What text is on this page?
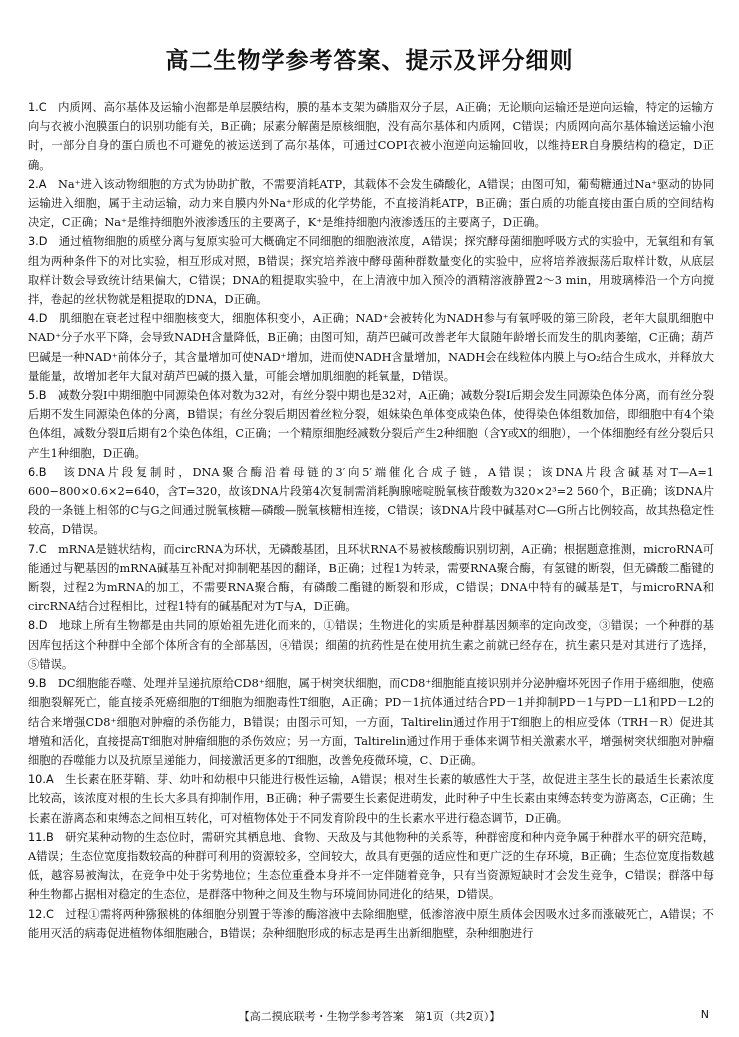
高二生物学参考答案、提示及评分细则

1.C　 内质网、高尔基体及运输小泡都是单层膜结构，膜的基本支架为磷脂双分子层，A正确；无论顺向运输还是逆向运输，特定的运输方向与衣被小泡膜蛋白的识别功能有关，B正确；尿素分解菌是原核细胞，没有高尔基体和内质网，C错误；内质网向高尔基体输送运输小泡时，一部分自身的蛋白质也不可避免的被运送到了高尔基体，可通过COPI衣被小泡逆向运输回收，以维持ER自身膜结构的稳定，D正确。

2.A　 Na⁺进入该动物细胞的方式为协助扩散，不需要消耗ATP，其载体不会发生磷酸化，A错误；由图可知，葡萄糖通过Na⁺驱动的协同运输进入细胞，属于主动运输，动力来自膜内外Na⁺形成的化学势能，不直接消耗ATP，B正确；蛋白质的功能直接由蛋白质的空间结构决定，C正确；Na⁺是维持细胞外液渗透压的主要离子，K⁺是维持细胞内液渗透压的主要离子，D正确。

3.D　 通过植物细胞的质壁分离与复原实验可大概确定不同细胞的细胞液浓度，A错误；探究酵母菌细胞呼吸方式的实验中，无氧组和有氧组为两种条件下的对比实验，相互形成对照，B错误；探究培养液中酵母菌种群数量变化的实验中，应将培养液振荡后取样计数，从底层取样计数会导致统计结果偏大，C错误；DNA的粗提取实验中，在上清液中加入预冷的酒精溶液静置2～3 min，用玻璃棒沿一个方向搅拌，卷起的丝状物就是粗提取的DNA，D正确。

4.D　 肌细胞在衰老过程中细胞核变大，细胞体积变小，A正确；NAD⁺会被转化为NADH参与有氧呼吸的第三阶段，老年大鼠肌细胞中NAD⁺分子水平下降，会导致NADH含量降低，B正确；由图可知，葫芦巴碱可改善老年大鼠随年龄增长而发生的肌肉萎缩，C正确；葫芦巴碱是一种NAD⁺前体分子，其含量增加可使NAD⁺增加，进而使NADH含量增加，NADH会在线粒体内膜上与O₂结合生成水，并释放大量能量，故增加老年大鼠对葫芦巴碱的摄入量，可能会增加肌细胞的耗氧量，D错误。

5.B　 减数分裂Ⅰ中期细胞中同源染色体对数为32对，有丝分裂中期也是32对，A正确；减数分裂Ⅰ后期会发生同源染色体分离，而有丝分裂后期不发生同源染色体的分离，B错误；有丝分裂后期因着丝粒分裂，姐妹染色单体变成染色体，使得染色体组数加倍，即细胞中有4个染色体组，减数分裂Ⅱ后期有2个染色体组，C正确；一个精原细胞经减数分裂后产生2种细胞（含Y或X的细胞），一个体细胞经有丝分裂后只产生1种细胞，D正确。

6.B　 该DNA片段复制时，DNA聚合酶沿着母链的3′向5′端催化合成子链，A错误；该DNA片段含碱基对T—A=1 600−800×0.6×2=640，含T=320，故该DNA片段第4次复制需消耗胸腺嘧啶脱氧核苷酸数为320×2³=2 560个，B正确；该DNA片段的一条链上相邻的C与G之间通过脱氧核糖—磷酸—脱氧核糖相连接，C错误；该DNA片段中碱基对C—G所占比例较高，故其热稳定性较高，D错误。

7.C　 mRNA是链状结构，而circRNA为环状，无磷酸基团，且环状RNA不易被核酸酶识别切割，A正确；根据题意推测，microRNA可能通过与靶基因的mRNA碱基互补配对抑制靶基因的翻译，B正确；过程1为转录，需要RNA聚合酶，有氢键的断裂，但无磷酸二酯键的断裂，过程2为mRNA的加工，不需要RNA聚合酶，有磷酸二酯键的断裂和形成，C错误；DNA中特有的碱基是T，与microRNA和circRNA结合过程相比，过程1特有的碱基配对为T与A，D正确。

8.D　 地球上所有生物都是由共同的原始祖先进化而来的，①错误；生物进化的实质是种群基因频率的定向改变，③错误；一个种群的基因库包括这个种群中全部个体所含有的全部基因，④错误；细菌的抗药性是在使用抗生素之前就已经存在，抗生素只是对其进行了选择，⑤错误。

9.B　 DC细胞能吞噬、处理并呈递抗原给CD8⁺细胞，属于树突状细胞，而CD8⁺细胞能直接识别并分泌肿瘤坏死因子作用于癌细胞，使癌细胞裂解死亡，能直接杀死癌细胞的T细胞为细胞毒性T细胞，A正确；PD－1抗体通过结合PD－1并抑制PD－1与PD－L1和PD－L2的结合来增强CD8⁺细胞对肿瘤的杀伤能力，B错误；由图示可知，一方面，Taltirelin通过作用于T细胞上的相应受体（TRH－R）促进其增殖和活化，直接提高T细胞对肿瘤细胞的杀伤效应；另一方面，Taltirelin通过作用于垂体来调节相关激素水平，增强树突状细胞对肿瘤细胞的吞噬能力以及抗原呈递能力，间接激活更多的T细胞，改善免疫微环境，C、D正确。

10.A　 生长素在胚芽鞘、芽、幼叶和幼根中只能进行极性运输，A错误；根对生长素的敏感性大于茎，故促进主茎生长的最适生长素浓度比较高，该浓度对根的生长大多具有抑制作用，B正确；种子需要生长素促进萌发，此时种子中生长素由束缚态转变为游离态，C正确；生长素在游离态和束缚态之间相互转化，可对植物体处于不同发育阶段中的生长素水平进行稳态调节，D正确。

11.B　 研究某种动物的生态位时，需研究其栖息地、食物、天敌及与其他物种的关系等，种群密度和种内竞争属于种群水平的研究范畴，A错误；生态位宽度指数较高的种群可利用的资源较多，空间较大，故具有更强的适应性和更广泛的生存环境，B正确；生态位宽度指数越低，越容易被淘汰，在竞争中处于劣势地位；生态位重叠本身并不一定伴随着竞争，只有当资源短缺时才会发生竞争，C错误；群落中每种生物都占据相对稳定的生态位，是群落中物种之间及生物与环境间协同进化的结果，D错误。

12.C　 过程①需将两种猕猴桃的体细胞分别置于等渗的酶溶液中去除细胞壁，低渗溶液中原生质体会因吸水过多而涨破死亡，A错误；不能用灭活的病毒促进植物体细胞融合，B错误；杂种细胞形成的标志是再生出新细胞壁，杂种细胞进行

【高二摸底联考・生物学参考答案　第1页（共2页）】	N
